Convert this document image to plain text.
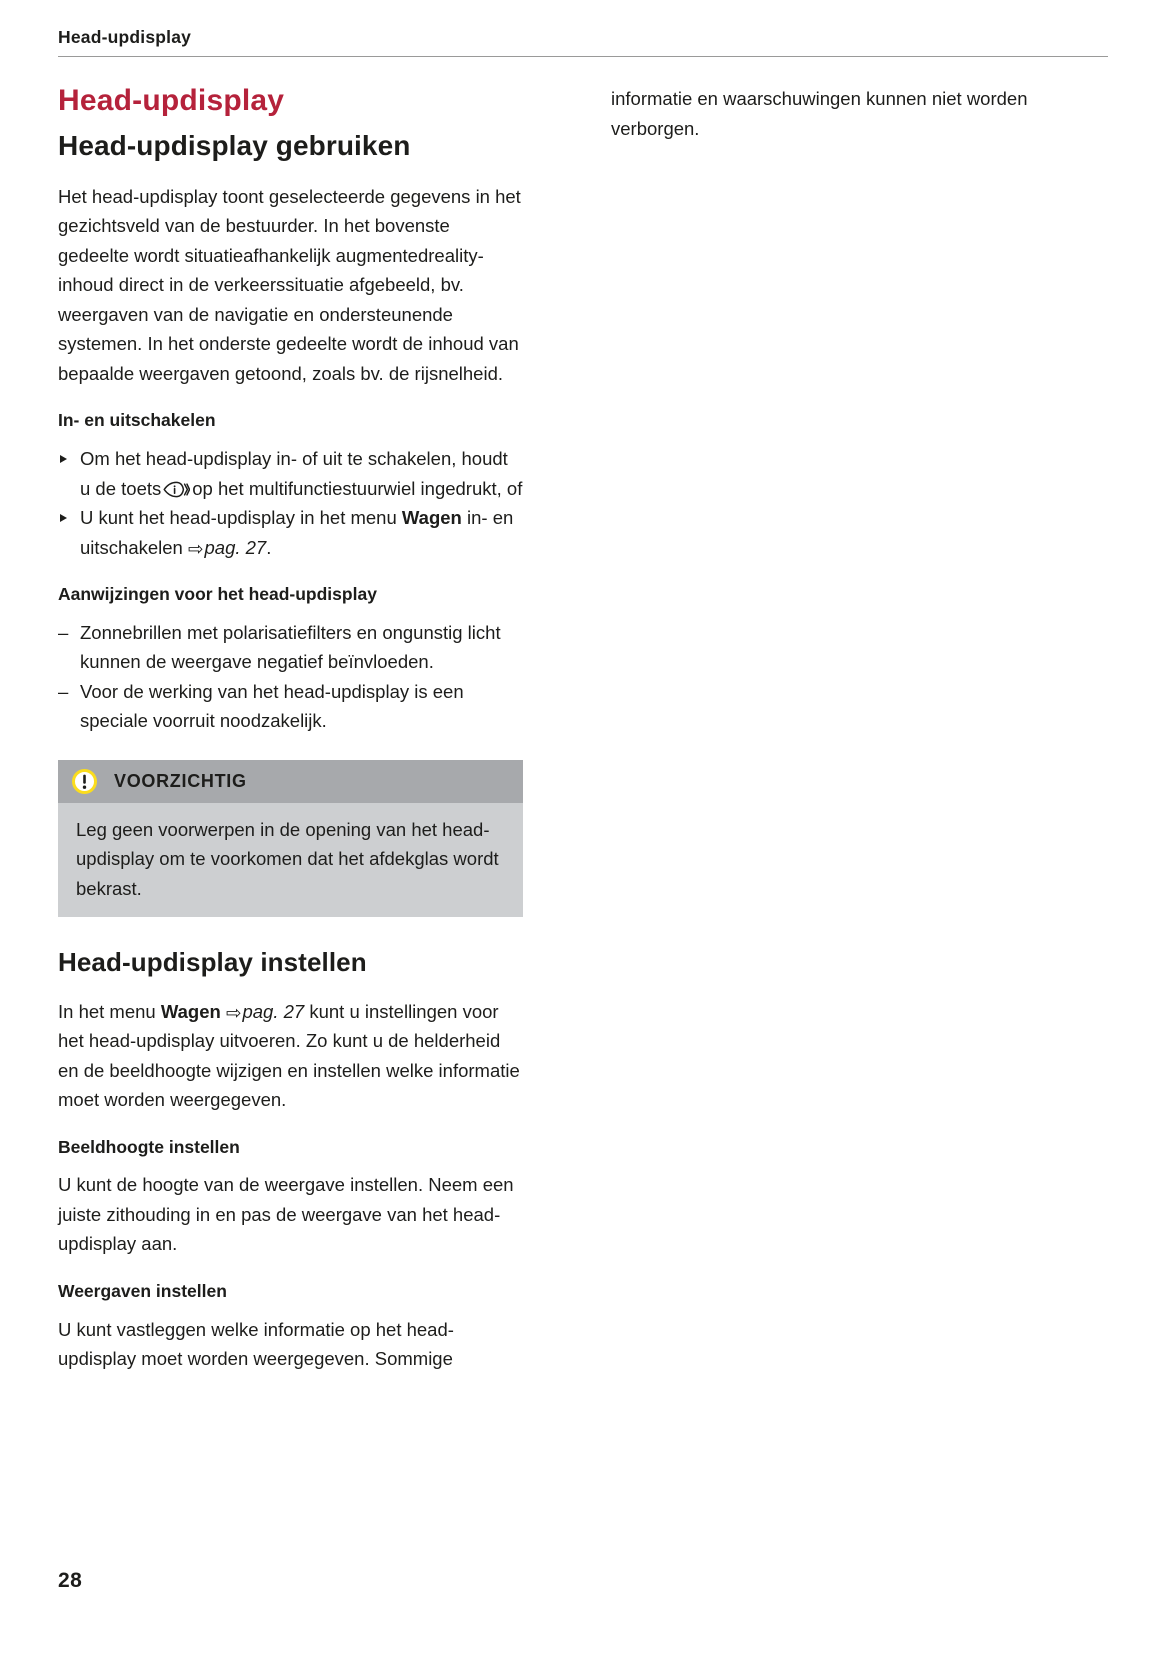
Head-updisplay
Head-updisplay
Head-updisplay gebruiken

Het head-updisplay toont geselecteerde gegevens in het gezichtsveld van de bestuurder. In het bovenste gedeelte wordt situatieafhankelijk augmentedreality-inhoud direct in de verkeerssituatie afgebeeld, bv. weergaven van de navigatie en ondersteunende systemen. In het onderste gedeelte wordt de inhoud van bepaalde weergaven getoond, zoals bv. de rijsnelheid.

In- en uitschakelen
Om het head-updisplay in- of uit te schakelen, houdt u de toets op het multifunctiestuurwiel ingedrukt, of
U kunt het head-updisplay in het menu Wagen in- en uitschakelen ⇨pag. 27.
Aanwijzingen voor het head-updisplay
– Zonnebrillen met polarisatiefilters en ongunstig licht kunnen de weergave negatief beïnvloeden.
– Voor de werking van het head-updisplay is een speciale voorruit noodzakelijk.
VOORZICHTIG
Leg geen voorwerpen in de opening van het head-updisplay om te voorkomen dat het afdekglas wordt bekrast.
Head-updisplay instellen

In het menu Wagen ⇨pag. 27 kunt u instellingen voor het head-updisplay uitvoeren. Zo kunt u de helderheid en de beeldhoogte wijzigen en instellen welke informatie moet worden weergegeven.

Beeldhoogte instellen

U kunt de hoogte van de weergave instellen. Neem een juiste zithouding in en pas de weergave van het head-updisplay aan.

Weergaven instellen

U kunt vastleggen welke informatie op het head-updisplay moet worden weergegeven. Sommige

informatie en waarschuwingen kunnen niet worden verborgen.

28
